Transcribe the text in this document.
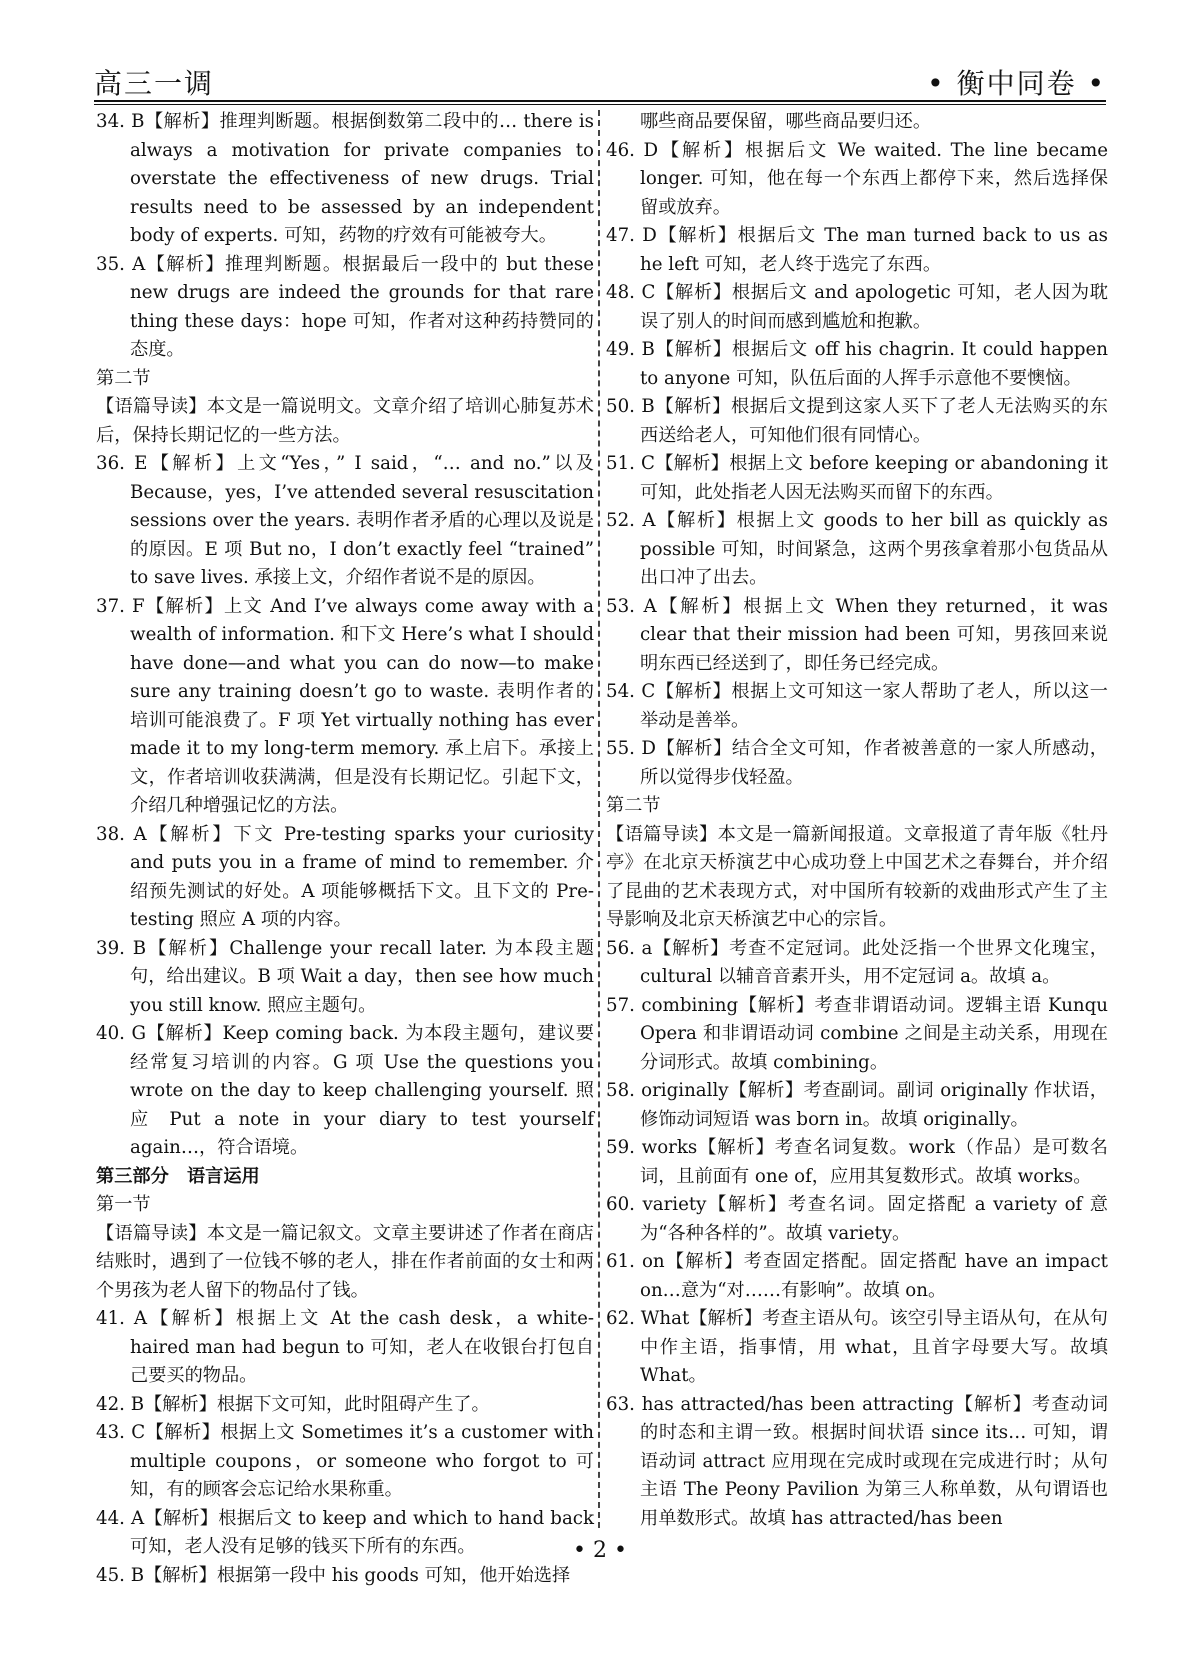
高三一调	• 衡中同卷 •

34. B【解析】推理判断题。根据倒数第二段中的… there is always a motivation for private companies to overstate the effectiveness of new drugs. Trial results need to be assessed by an independent body of experts. 可知，药物的疗效有可能被夸大。

35. A【解析】推理判断题。根据最后一段中的 but these new drugs are indeed the grounds for that rare thing these days：hope 可知，作者对这种药持赞同的态度。

第二节

【语篇导读】本文是一篇说明文。文章介绍了培训心肺复苏术后，保持长期记忆的一些方法。

36. E【解析】上文“Yes，” I said，“… and no.”以及 Because，yes，I’ve attended several resuscitation sessions over the years. 表明作者矛盾的心理以及说是的原因。E 项 But no，I don’t exactly feel “trained” to save lives. 承接上文，介绍作者说不是的原因。

37. F【解析】上文 And I’ve always come away with a wealth of information. 和下文 Here’s what I should have done—and what you can do now—to make sure any training doesn’t go to waste. 表明作者的培训可能浪费了。F 项 Yet virtually nothing has ever made it to my long-term memory. 承上启下。承接上文，作者培训收获满满，但是没有长期记忆。引起下文，介绍几种增强记忆的方法。

38. A【解析】下文 Pre-testing sparks your curiosity and puts you in a frame of mind to remember. 介绍预先测试的好处。A 项能够概括下文。且下文的 Pre-testing 照应 A 项的内容。

39. B【解析】Challenge your recall later. 为本段主题句，给出建议。B 项 Wait a day，then see how much you still know. 照应主题句。

40. G【解析】Keep coming back. 为本段主题句，建议要经常复习培训的内容。G 项 Use the questions you wrote on the day to keep challenging yourself. 照应 Put a note in your diary to test yourself again…，符合语境。

第三部分　语言运用

第一节

【语篇导读】本文是一篇记叙文。文章主要讲述了作者在商店结账时，遇到了一位钱不够的老人，排在作者前面的女士和两个男孩为老人留下的物品付了钱。

41. A【解析】根据上文 At the cash desk，a white-haired man had begun to 可知，老人在收银台打包自己要买的物品。

42. B【解析】根据下文可知，此时阻碍产生了。

43. C【解析】根据上文 Sometimes it’s a customer with multiple coupons，or someone who forgot to 可知，有的顾客会忘记给水果称重。

44. A【解析】根据后文 to keep and which to hand back 可知，老人没有足够的钱买下所有的东西。

45. B【解析】根据第一段中 his goods 可知，他开始选择

哪些商品要保留，哪些商品要归还。

46. D【解析】根据后文 We waited. The line became longer. 可知，他在每一个东西上都停下来，然后选择保留或放弃。

47. D【解析】根据后文 The man turned back to us as he left 可知，老人终于选完了东西。

48. C【解析】根据后文 and apologetic 可知，老人因为耽误了别人的时间而感到尴尬和抱歉。

49. B【解析】根据后文 off his chagrin. It could happen to anyone 可知，队伍后面的人挥手示意他不要懊恼。

50. B【解析】根据后文提到这家人买下了老人无法购买的东西送给老人，可知他们很有同情心。

51. C【解析】根据上文 before keeping or abandoning it 可知，此处指老人因无法购买而留下的东西。

52. A【解析】根据上文 goods to her bill as quickly as possible 可知，时间紧急，这两个男孩拿着那小包货品从出口冲了出去。

53. A【解析】根据上文 When they returned，it was clear that their mission had been 可知，男孩回来说明东西已经送到了，即任务已经完成。

54. C【解析】根据上文可知这一家人帮助了老人，所以这一举动是善举。

55. D【解析】结合全文可知，作者被善意的一家人所感动，所以觉得步伐轻盈。

第二节

【语篇导读】本文是一篇新闻报道。文章报道了青年版《牡丹亭》在北京天桥演艺中心成功登上中国艺术之春舞台，并介绍了昆曲的艺术表现方式，对中国所有较新的戏曲形式产生了主导影响及北京天桥演艺中心的宗旨。

56. a【解析】考查不定冠词。此处泛指一个世界文化瑰宝，cultural 以辅音音素开头，用不定冠词 a。故填 a。

57. combining【解析】考查非谓语动词。逻辑主语 Kunqu Opera 和非谓语动词 combine 之间是主动关系，用现在分词形式。故填 combining。

58. originally【解析】考查副词。副词 originally 作状语，修饰动词短语 was born in。故填 originally。

59. works【解析】考查名词复数。work（作品）是可数名词，且前面有 one of，应用其复数形式。故填 works。

60. variety【解析】考查名词。固定搭配 a variety of 意为“各种各样的”。故填 variety。

61. on【解析】考查固定搭配。固定搭配 have an impact on…意为“对……有影响”。故填 on。

62. What【解析】考查主语从句。该空引导主语从句，在从句中作主语，指事情，用 what，且首字母要大写。故填 What。

63. has attracted/has been attracting【解析】考查动词的时态和主谓一致。根据时间状语 since its… 可知，谓语动词 attract 应用现在完成时或现在完成进行时；从句主语 The Peony Pavilion 为第三人称单数，从句谓语也用单数形式。故填 has attracted/has been

• 2 •
